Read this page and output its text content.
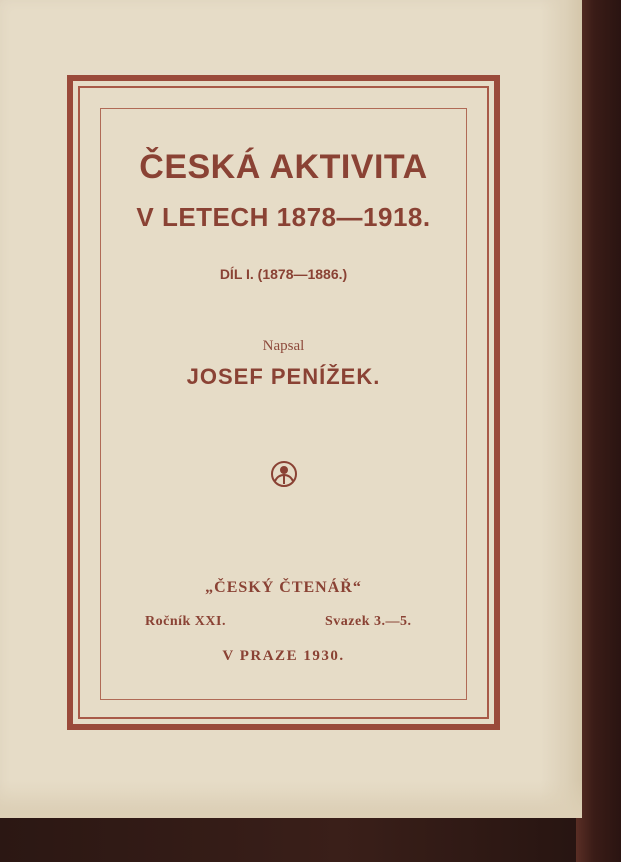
ČESKÁ AKTIVITA
V LETECH 1878—1918.
DÍL I. (1878—1886.)
Napsal
JOSEF PENÍŽEK.
„ČESKÝ ČTENÁŘ“
Ročník XXI.	Svazek 3.—5.
V PRAZE 1930.
